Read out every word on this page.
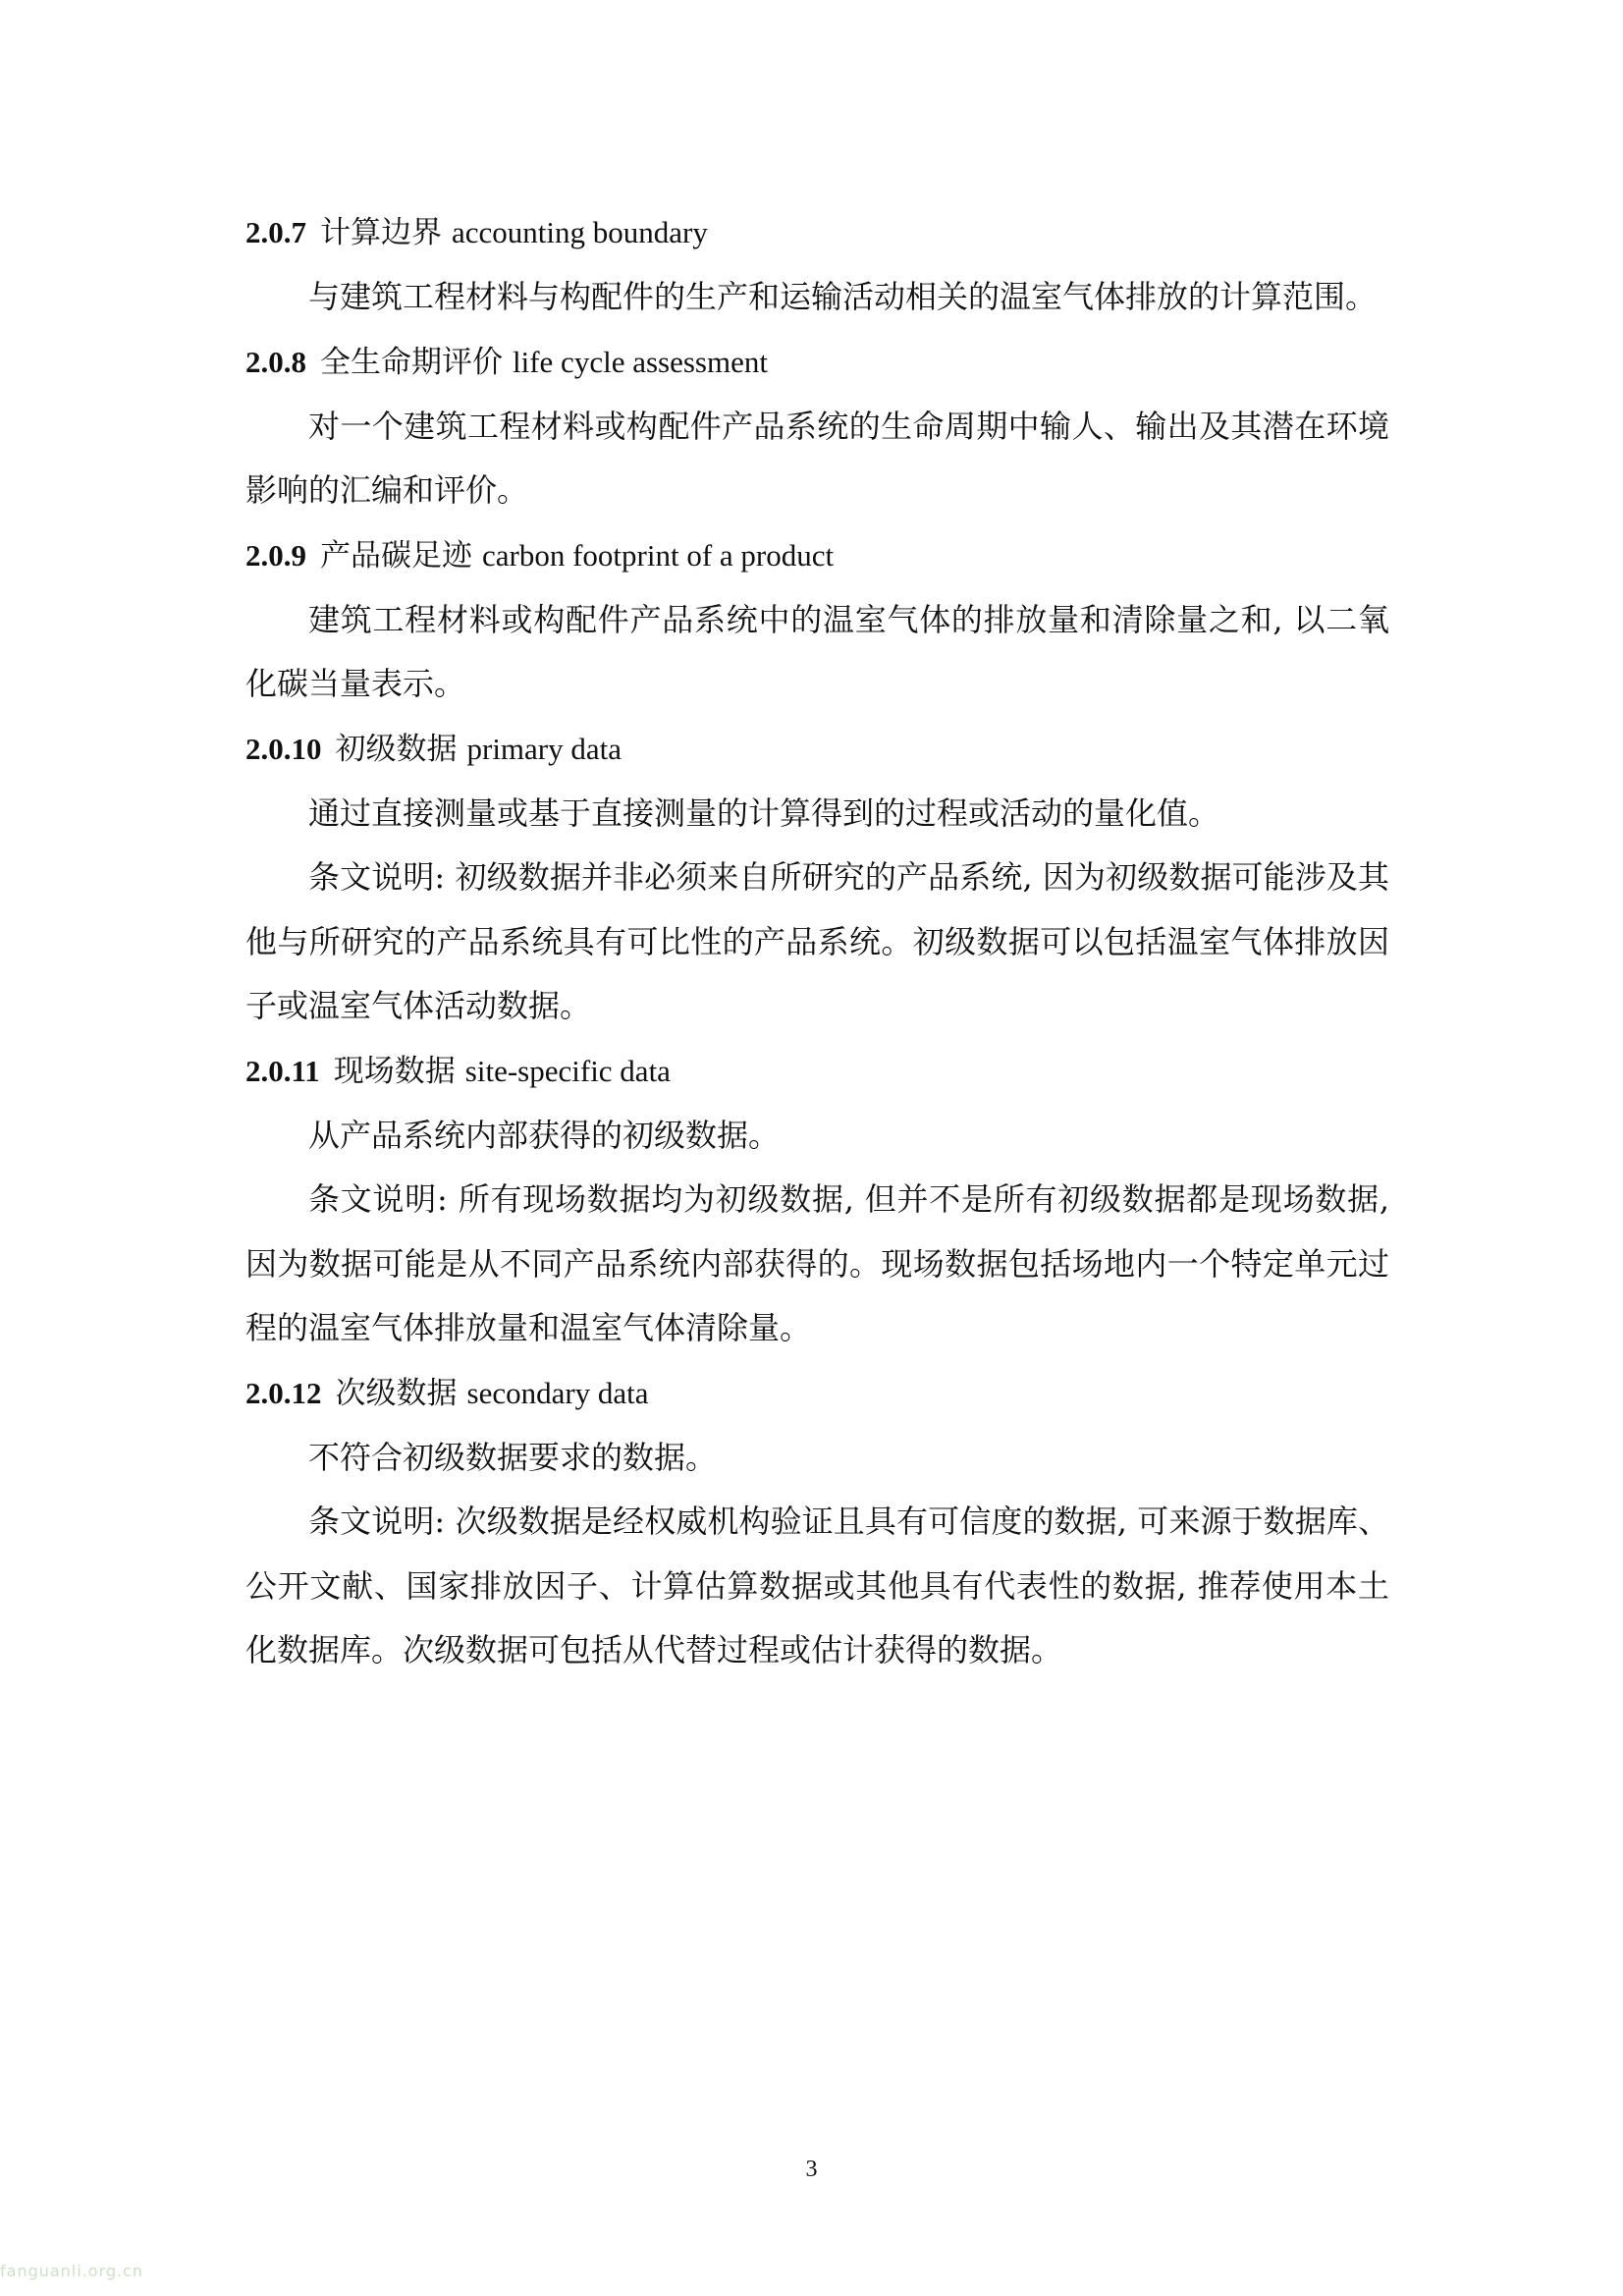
2.0.7 计算边界 accounting boundary

与建筑工程材料与构配件的生产和运输活动相关的温室气体排放的计算范围。

2.0.8 全生命期评价 life cycle assessment

对一个建筑工程材料或构配件产品系统的生命周期中输人、输出及其潜在环境影响的汇编和评价。

2.0.9 产品碳足迹 carbon footprint of a product

建筑工程材料或构配件产品系统中的温室气体的排放量和清除量之和, 以二氧化碳当量表示。

2.0.10 初级数据 primary data

通过直接测量或基于直接测量的计算得到的过程或活动的量化值。

条文说明: 初级数据并非必须来自所研究的产品系统, 因为初级数据可能涉及其他与所研究的产品系统具有可比性的产品系统。初级数据可以包括温室气体排放因子或温室气体活动数据。

2.0.11 现场数据 site-specific data

从产品系统内部获得的初级数据。

条文说明: 所有现场数据均为初级数据, 但并不是所有初级数据都是现场数据, 因为数据可能是从不同产品系统内部获得的。现场数据包括场地内一个特定单元过程的温室气体排放量和温室气体清除量。

2.0.12 次级数据 secondary data

不符合初级数据要求的数据。

条文说明: 次级数据是经权威机构验证且具有可信度的数据, 可来源于数据库、公开文献、国家排放因子、计算估算数据或其他具有代表性的数据, 推荐使用本土化数据库。次级数据可包括从代替过程或估计获得的数据。

3
fanguanli.org.cn
